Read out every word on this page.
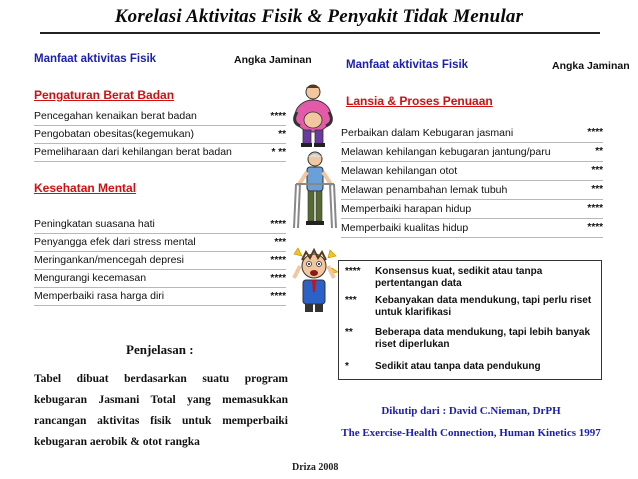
Korelasi Aktivitas Fisik & Penyakit Tidak Menular
Manfaat aktivitas Fisik	Angka Jaminan
Pengaturan Berat Badan
Pencegahan kenaikan berat badan	****
Pengobatan obesitas(kegemukan)	**
Pemeliharaan dari kehilangan berat badan	* **
Kesehatan Mental
Peningkatan suasana hati	****
Penyangga efek dari stress mental	***
Meringankan/mencegah depresi	****
Mengurangi kecemasan	****
Memperbaiki rasa harga diri	****
Manfaat aktivitas Fisik	Angka Jaminan
Lansia & Proses Penuaan
Perbaikan dalam Kebugaran jasmani	****
Melawan kehilangan kebugaran jantung/paru	**
Melawan kehilangan otot	***
Melawan penambahan lemak tubuh	***
Memperbaiki harapan hidup	****
Memperbaiki kualitas hidup	****
**** Konsensus kuat, sedikit atau tanpa pertentangan data
*** Kebanyakan data mendukung, tapi perlu riset untuk klarifikasi
** Beberapa data mendukung, tapi lebih banyak riset diperlukan
*	Sedikit atau tanpa data pendukung
Penjelasan :
Tabel dibuat berdasarkan suatu program kebugaran Jasmani Total yang memasukkan rancangan aktivitas fisik untuk memperbaiki kebugaran aerobik & otot rangka
Dikutip dari : David C.Nieman, DrPH
The Exercise-Health Connection, Human Kinetics 1997
Driza 2008
